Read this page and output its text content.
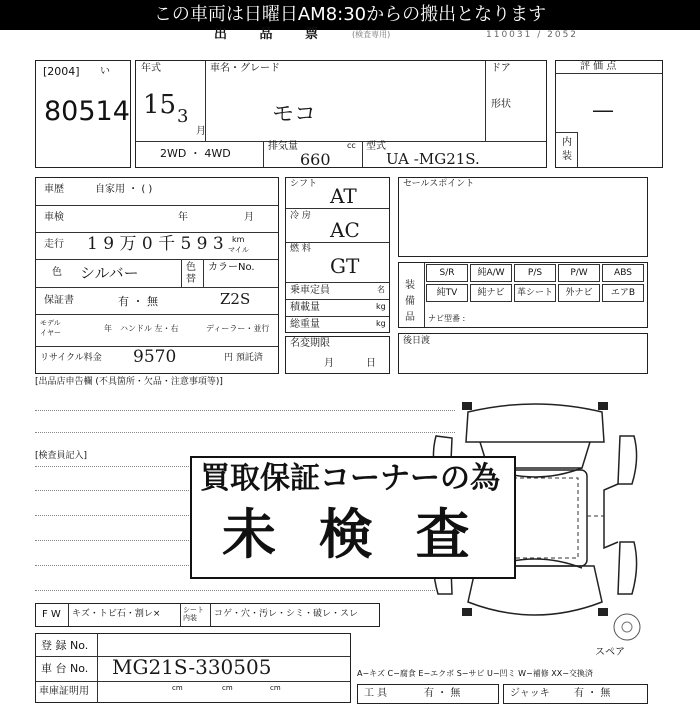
この車両は日曜日AM8:30からの搬出となります
出 品 票 (検査専用)	110031 / 2052
[2004] い
80514
年式
15 3
月
車名・グレード
モコ
ドア
形状
2WD ・ 4WD
排気量
660
cc 型式
UA -MG21S.
評 価 点
—
内
装
車歴	自家用 ・ ( )
車検	年	月
走行 1 9 万 0 千 5 9 3 km
マイル
色 シルバー	色
替
カラーNo.
保証書	有 ・ 無	Z2S
モデル
イヤー	年 ハンドル 左・右	ディーラー・並行
リサイクル料金 9570	円 預託済
シフト AT
冷 房
AC
燃 料
GT
乗車定員	名
積載量	kg
総重量	kg
名変期限
月	日
セールスポイント
装備品
S/R	純A/W	P/S	P/W	ABS
純TV	純ナビ	革シート	外ナビ	エアB
ナビ型番 :
後日渡
[出品店申告欄 (不具箇所・欠品・注意事項等)]
[検査員記入]
買取保証コーナーの為
未 検 査
F W キズ・トビ石・割レ×	シート内装	コゲ・穴・汚レ・シミ・破レ・スレ
登 録 No.
車 台 No. MG21S-330505
車庫証明用	cm	cm	cm
スペア
A−キズ C−腐食 E−エクボ S−サビ U−凹ミ W−補修 XX−交換済
工 具	有 ・ 無	ジャッキ 有 ・ 無
